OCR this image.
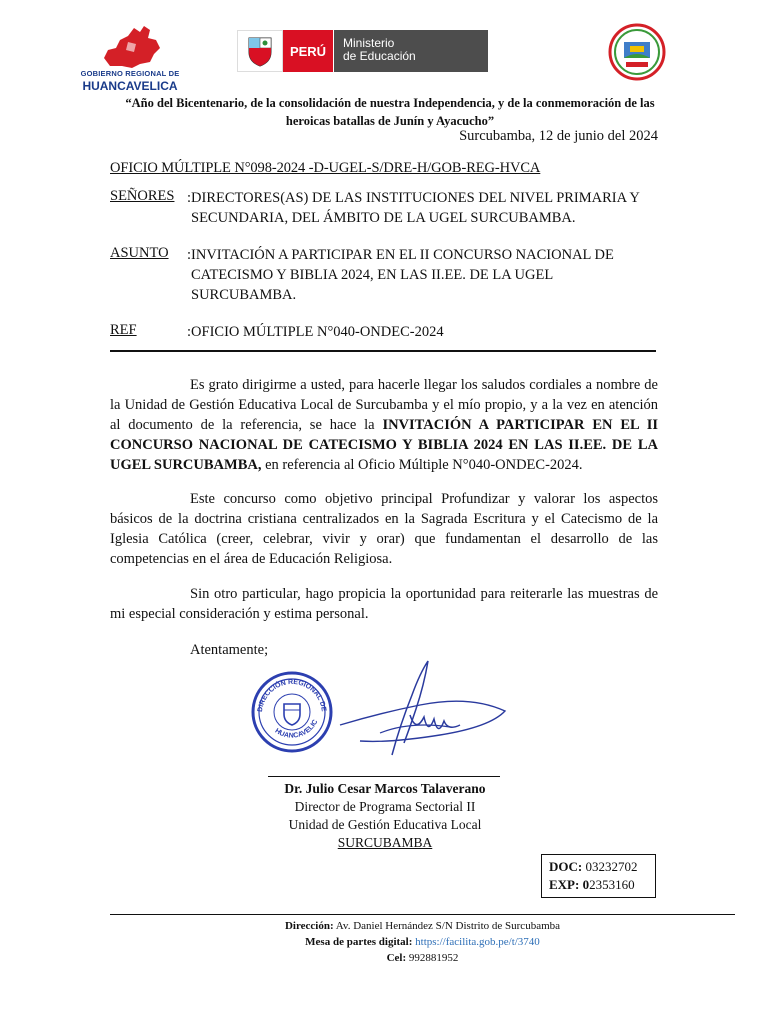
GOBIERNO REGIONAL DE
HUANCAVELICA
PERÚ
Ministerio
de Educación
“Año del Bicentenario, de la consolidación de nuestra Independencia, y de la conmemoración de las heroicas batallas de Junín y Ayacucho”
Surcubamba, 12 de junio del 2024
OFICIO MÚLTIPLE N°098-2024 -D-UGEL-S/DRE-H/GOB-REG-HVCA
SEÑORES :DIRECTORES(AS) DE LAS INSTITUCIONES DEL NIVEL PRIMARIA Y

SECUNDARIA, DEL ÁMBITO DE LA UGEL SURCUBAMBA.
ASUNTO :INVITACIÓN A PARTICIPAR EN EL II CONCURSO NACIONAL DE

CATECISMO Y BIBLIA 2024, EN LAS II.EE. DE LA UGEL
SURCUBAMBA.
REF	:OFICIO MÚLTIPLE N°040-ONDEC-2024
Es grato dirigirme a usted, para hacerle llegar los saludos cordiales a nombre de la Unidad de Gestión Educativa Local de Surcubamba y el mío propio, y a la vez en atención al documento de la referencia, se hace la INVITACIÓN A PARTICIPAR EN EL II CONCURSO NACIONAL DE CATECISMO Y BIBLIA 2024 EN LAS II.EE. DE LA UGEL SURCUBAMBA, en referencia al Oficio Múltiple N°040-ONDEC-2024.
Este concurso como objetivo principal Profundizar y valorar los aspectos básicos de la doctrina cristiana centralizados en la Sagrada Escritura y el Catecismo de la Iglesia Católica (creer, celebrar, vivir y orar) que fundamentan el desarrollo de las competencias en el área de Educación Religiosa.
Sin otro particular, hago propicia la oportunidad para reiterarle las muestras de mi especial consideración y estima personal.
Atentamente;
DIRECCIÓN REGIONAL DE
HUANCAVELIC
Dr. Julio Cesar Marcos Talaverano
Director de Programa Sectorial II
Unidad de Gestión Educativa Local
SURCUBAMBA
DOC: 03232702
EXP: 02353160
Dirección: Av. Daniel Hernández S/N Distrito de Surcubamba
Mesa de partes digital: https://facilita.gob.pe/t/3740
Cel: 992881952
